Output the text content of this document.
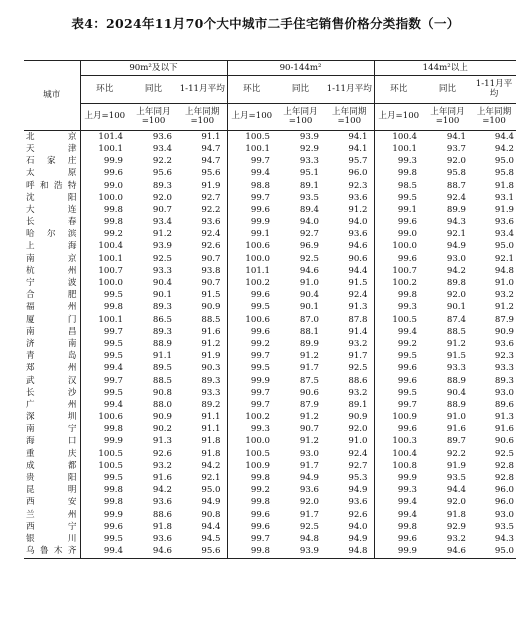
表4：2024年11月70个大中城市二手住宅销售价格分类指数（一）
城市	90m²及以下			90-144m²			144m²以上		
	环比	同比	1-11月平均	环比	同比	1-11月平均	环比	同比	1-11月平均
	上月=100	上年同月=100	上年同期=100	上月=100	上年同月=100	上年同期=100	上月=100	上年同月=100	上年同期=100
北京	101.4	93.6	91.1	100.5	93.9	94.1	100.4	94.1	94.4
天津	100.1	93.4	94.7	100.1	92.9	94.1	100.1	93.7	94.2
石家庄	99.9	92.2	94.7	99.7	93.3	95.7	99.3	92.0	95.0
太原	99.6	95.6	95.6	99.4	95.1	96.0	99.8	95.8	95.8
呼和浩特	99.0	89.3	91.9	98.8	89.1	92.3	98.5	88.7	91.8
沈阳	100.0	92.0	92.7	99.7	93.5	93.6	99.5	92.4	93.1
大连	99.8	90.7	92.2	99.6	89.4	91.2	99.1	89.9	91.9
长春	99.8	93.4	93.6	99.9	94.0	94.0	99.6	94.3	93.6
哈尔滨	99.2	91.2	92.4	99.1	92.7	93.6	99.0	92.1	93.4
上海	100.4	93.9	92.6	100.6	96.9	94.6	100.0	94.9	95.0
南京	100.1	92.5	90.7	100.0	92.5	90.6	99.6	93.0	92.1
杭州	100.7	93.3	93.8	101.1	94.6	94.4	100.7	94.2	94.8
宁波	100.0	90.4	90.7	100.2	91.0	91.5	100.2	89.8	91.0
合肥	99.5	90.1	91.5	99.6	90.4	92.4	99.8	92.0	93.2
福州	99.8	89.3	90.9	99.5	90.1	91.3	99.3	90.1	91.2
厦门	100.1	86.5	88.5	100.6	87.0	87.8	100.5	87.4	87.9
南昌	99.7	89.3	91.6	99.6	88.1	91.4	99.4	88.5	90.9
济南	99.5	88.9	91.2	99.2	89.9	93.2	99.2	91.2	93.6
青岛	99.5	91.1	91.9	99.7	91.2	91.7	99.5	91.5	92.3
郑州	99.4	89.5	90.3	99.5	91.7	92.5	99.6	93.3	93.3
武汉	99.7	88.5	89.3	99.9	87.5	88.6	99.6	88.9	89.3
长沙	99.5	90.8	93.3	99.7	90.6	93.2	99.5	90.4	93.0
广州	99.4	88.0	89.2	99.7	87.9	89.1	99.7	88.9	89.6
深圳	100.6	90.9	91.1	100.2	91.2	90.9	100.9	91.0	91.3
南宁	99.8	90.2	91.1	99.3	90.7	92.0	99.6	91.6	91.6
海口	99.9	91.3	91.8	100.0	91.2	91.0	100.3	89.7	90.6
重庆	100.5	92.6	91.8	100.5	93.0	92.4	100.4	92.2	92.5
成都	100.5	93.2	94.2	100.9	91.7	92.7	100.8	91.9	92.8
贵阳	99.5	91.6	92.1	99.8	94.9	95.3	99.9	93.5	92.8
昆明	99.8	94.2	95.0	99.2	93.6	94.9	99.3	94.4	96.0
西安	99.8	93.6	94.9	99.8	92.0	93.6	99.4	92.0	96.0
兰州	99.9	88.6	90.8	99.6	91.7	92.6	99.4	91.8	93.0
西宁	99.6	91.8	94.4	99.6	92.5	94.0	99.8	92.9	93.5
银川	99.5	93.6	94.5	99.7	94.8	94.9	99.6	93.2	94.3
乌鲁木齐	99.4	94.6	95.6	99.8	93.9	94.8	99.9	94.6	95.0
